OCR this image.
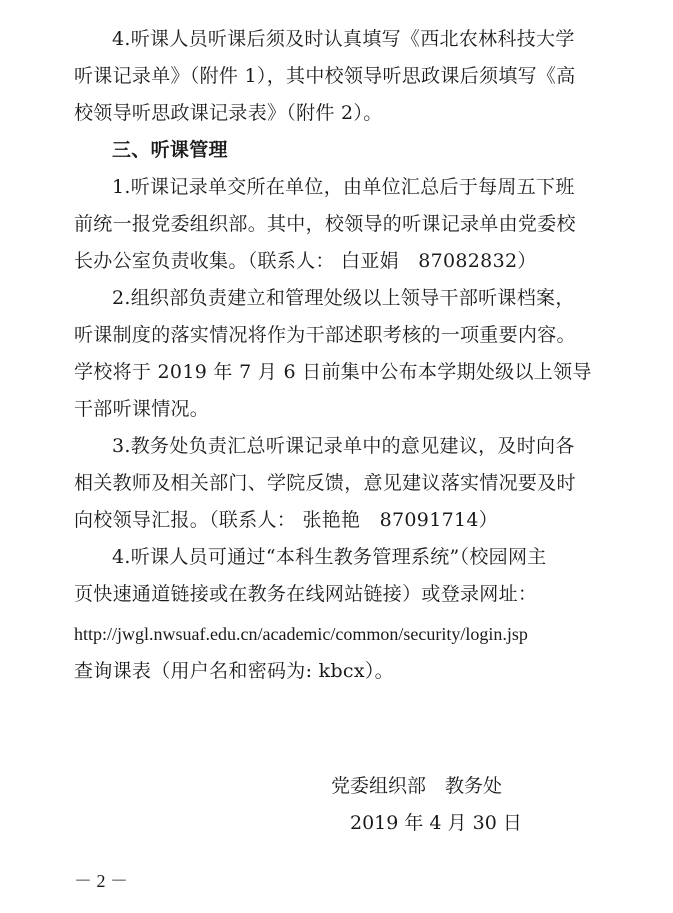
4.听课人员听课后须及时认真填写《西北农林科技大学
听课记录单》（附件 1），其中校领导听思政课后须填写《高
校领导听思政课记录表》（附件 2）。
三、听课管理
1.听课记录单交所在单位，由单位汇总后于每周五下班
前统一报党委组织部。其中，校领导的听课记录单由党委校
长办公室负责收集。（联系人： 白亚娟　87082832）
2.组织部负责建立和管理处级以上领导干部听课档案，
听课制度的落实情况将作为干部述职考核的一项重要内容。
学校将于 2019 年 7 月 6 日前集中公布本学期处级以上领导
干部听课情况。
3.教务处负责汇总听课记录单中的意见建议，及时向各
相关教师及相关部门、学院反馈，意见建议落实情况要及时
向校领导汇报。（联系人： 张艳艳　87091714）
4.听课人员可通过“本科生教务管理系统”（校园网主
页快速通道链接或在教务在线网站链接）或登录网址：
http://jwgl.nwsuaf.edu.cn/academic/common/security/login.jsp
查询课表（用户名和密码为: kbcx）。
党委组织部　教务处
2019 年 4 月 30 日
－ 2 －
